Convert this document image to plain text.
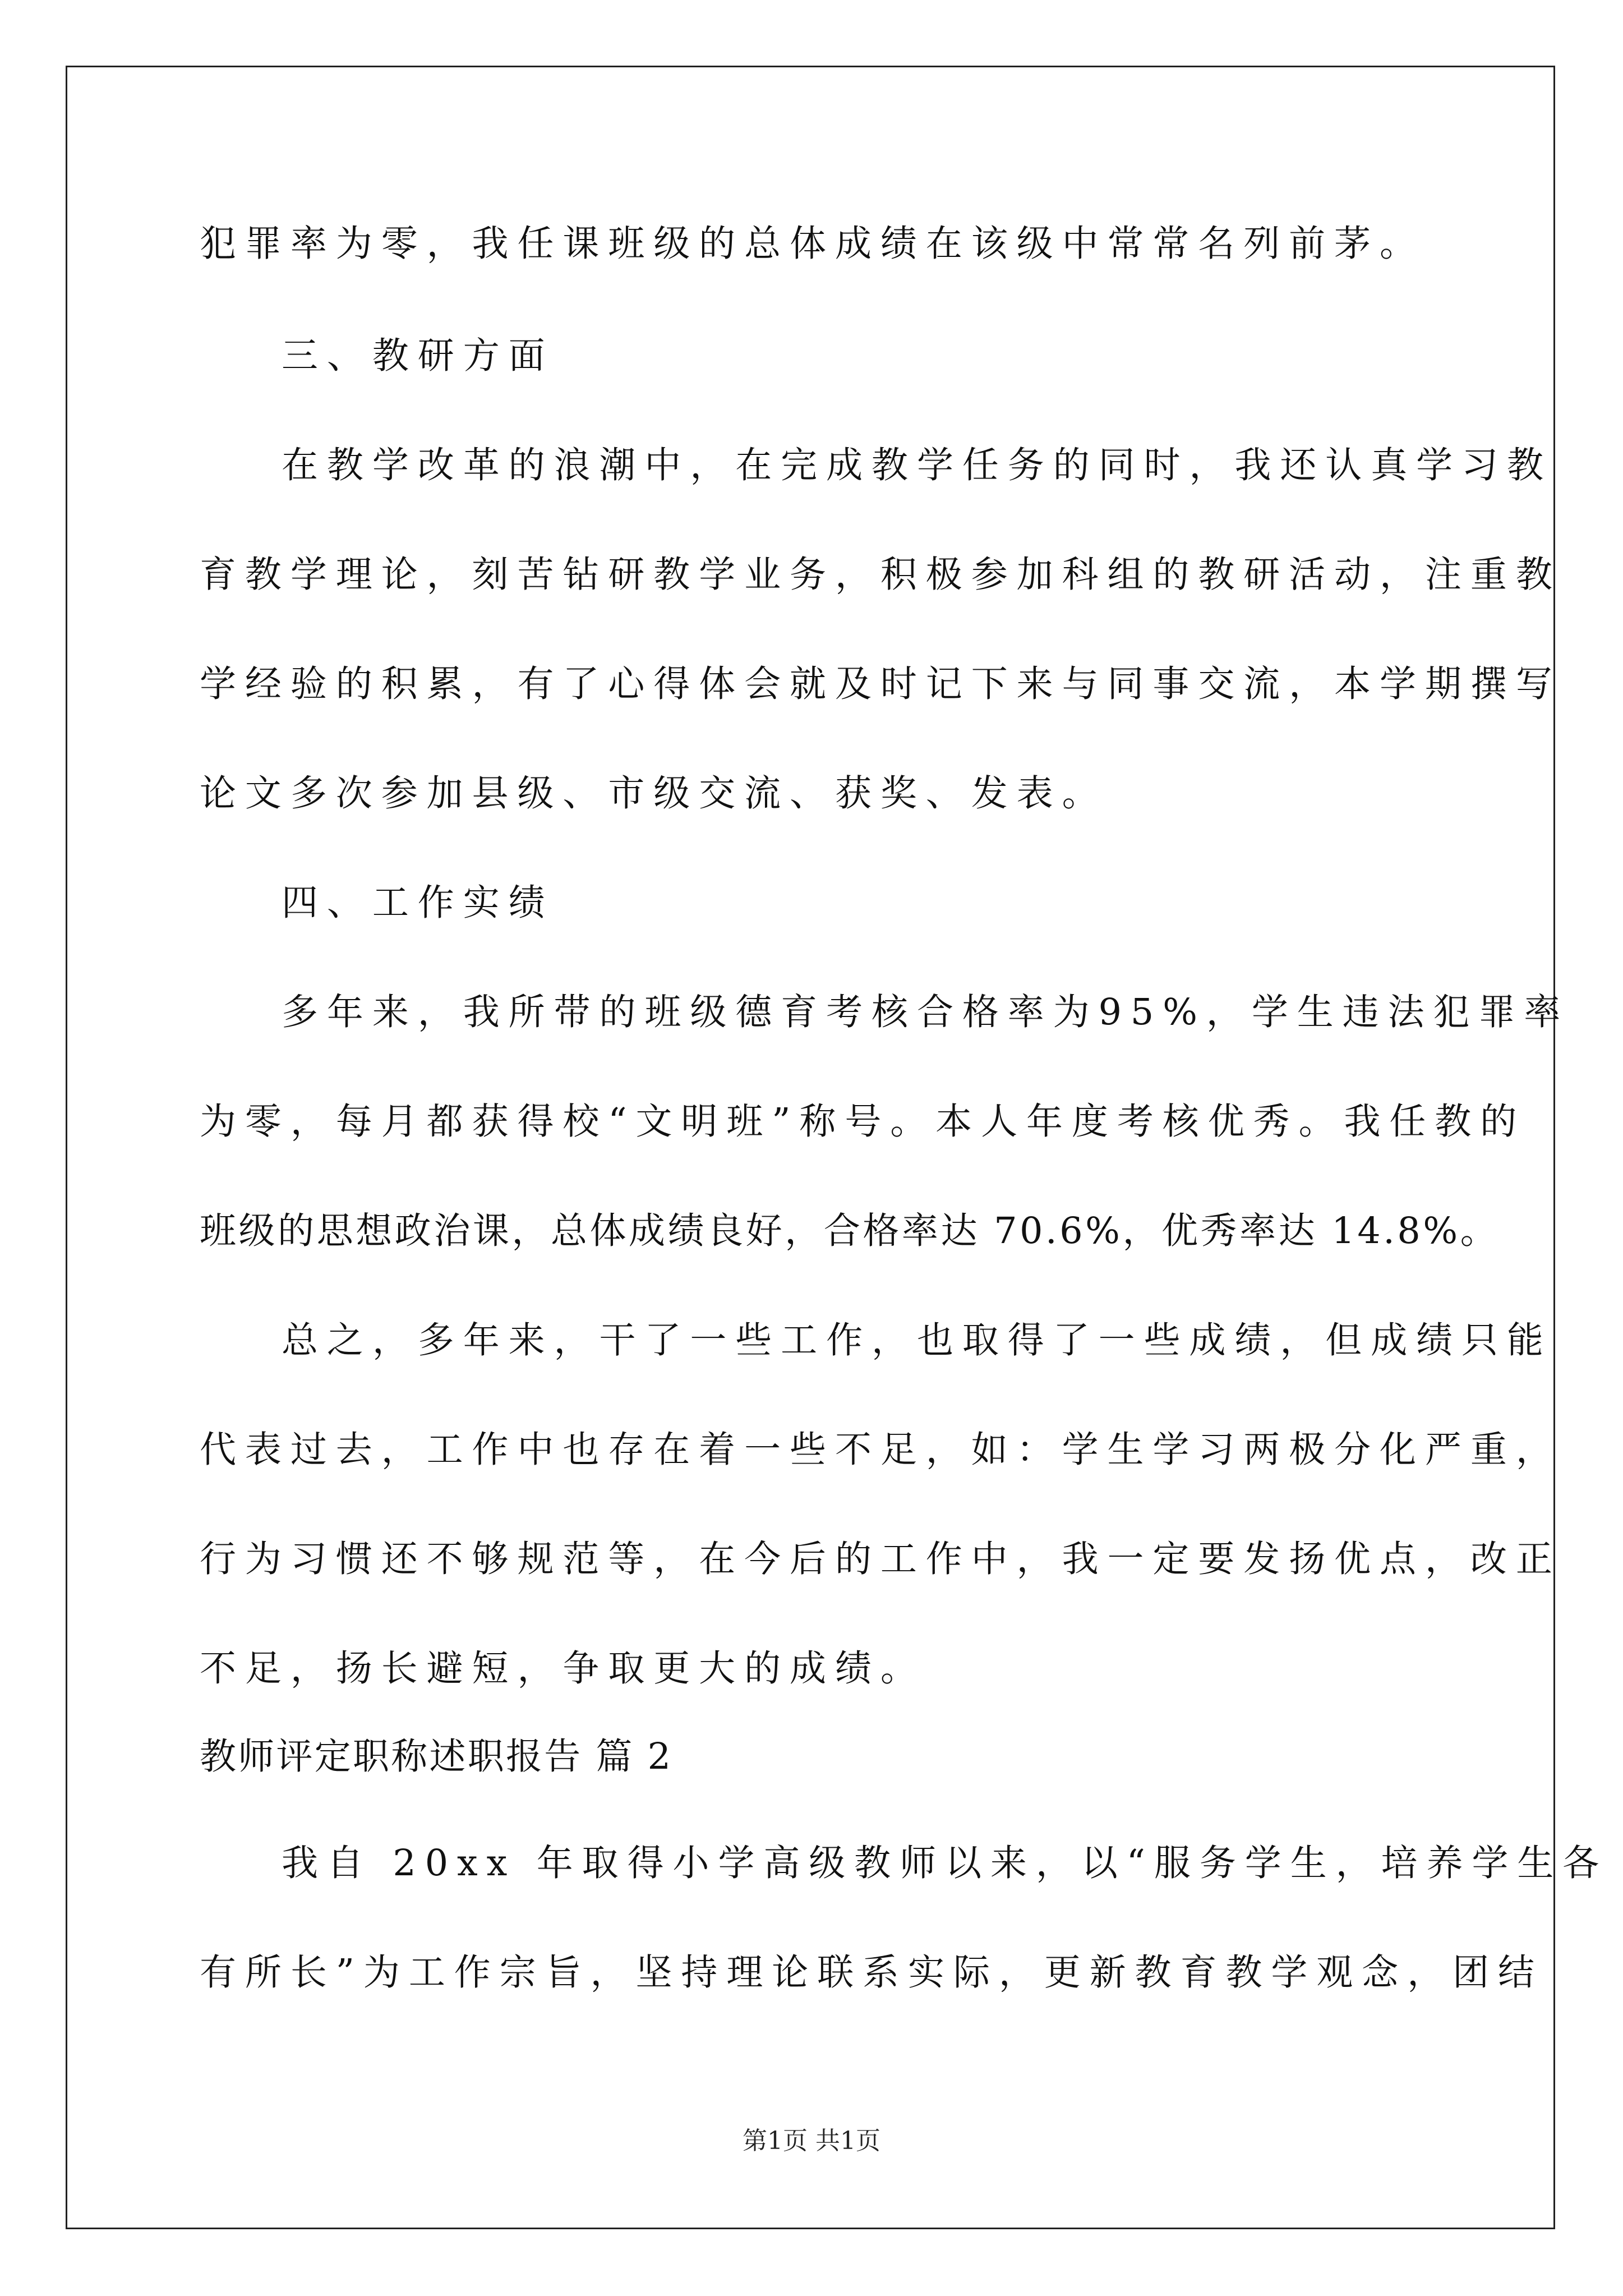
犯罪率为零，我任课班级的总体成绩在该级中常常名列前茅。
三、教研方面
在教学改革的浪潮中，在完成教学任务的同时，我还认真学习教
育教学理论，刻苦钻研教学业务，积极参加科组的教研活动，注重教
学经验的积累，有了心得体会就及时记下来与同事交流，本学期撰写
论文多次参加县级、市级交流、获奖、发表。
四、工作实绩
多年来，我所带的班级德育考核合格率为95%，学生违法犯罪率
为零，每月都获得校“文明班”称号。本人年度考核优秀。我任教的
班级的思想政治课，总体成绩良好，合格率达 70.6%，优秀率达 14.8%。
总之，多年来，干了一些工作，也取得了一些成绩，但成绩只能
代表过去，工作中也存在着一些不足，如：学生学习两极分化严重，
行为习惯还不够规范等，在今后的工作中，我一定要发扬优点，改正
不足，扬长避短，争取更大的成绩。
教师评定职称述职报告 篇 2
我自 20xx 年取得小学高级教师以来，以“服务学生，培养学生各
有所长”为工作宗旨，坚持理论联系实际，更新教育教学观念，团结
第1页 共1页
